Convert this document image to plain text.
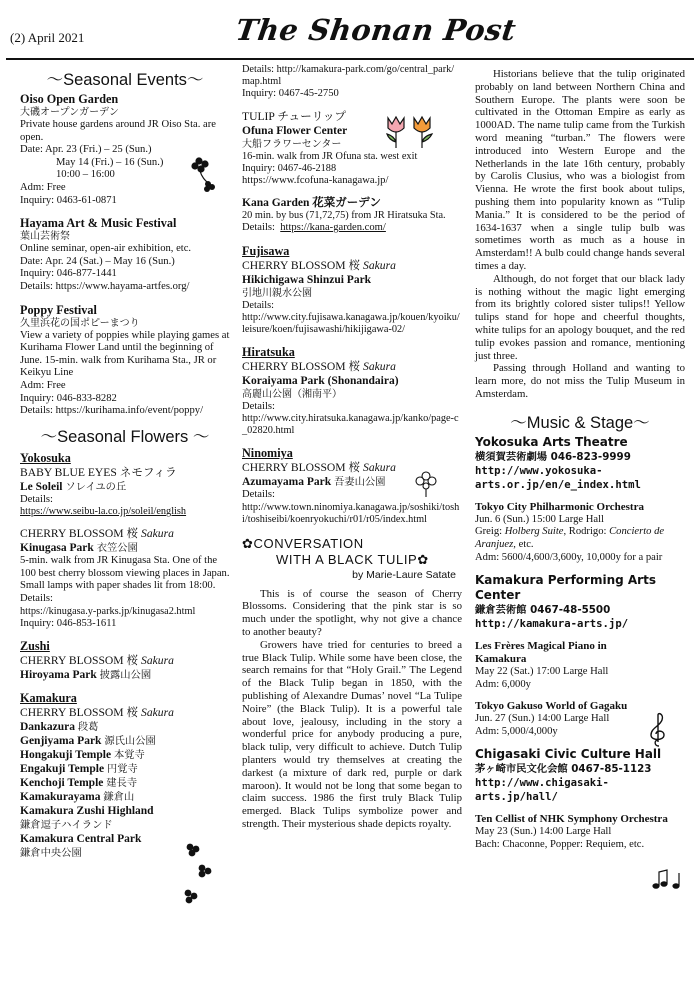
(2) April 2021	The Shonan Post
～Seasonal Events～
Oiso Open Garden
大磯オープンガーデン
Private house gardens around JR Oiso Sta. are open.
Date: Apr. 23 (Fri.) – 25 (Sun.)
May 14 (Fri.) – 16 (Sun.)
10:00 – 16:00
Adm: Free
Inquiry: 0463-61-0871
Hayama Art & Music Festival
葉山芸術祭
Online seminar, open-air exhibition, etc.
Date: Apr. 24 (Sat.) – May 16 (Sun.)
Inquiry: 046-877-1441
Details: https://www.hayama-artfes.org/
Poppy Festival
久里浜花の国ポピーまつり
View a variety of poppies while playing games at Kurihama Flower Land until the beginning of June. 15-min. walk from Kurihama Sta., JR or Keikyu Line
Adm: Free
Inquiry: 046-833-8282
Details: https://kurihama.info/event/poppy/
～Seasonal Flowers ～
Yokosuka
BABY BLUE EYES ネモフィラ
Le Soleil ソレイユの丘
Details:
https://www.seibu-la.co.jp/soleil/english
CHERRY BLOSSOM 桜 Sakura
Kinugasa Park 衣笠公園
5-min. walk from JR Kinugasa Sta. One of the 100 best cherry blossom viewing places in Japan. Small lamps with paper shades lit from 18:00.
Details:
https://kinugasa.y-parks.jp/kinugasa2.html
Inquiry: 046-853-1611
Zushi
CHERRY BLOSSOM 桜 Sakura
Hiroyama Park 披露山公園
Kamakura
CHERRY BLOSSOM 桜 Sakura
Dankazura 段葛
Genjiyama Park 源氏山公園
Hongakuji Temple 本覚寺
Engakuji Temple 円覚寺
Kenchoji Temple 建長寺
Kamakurayama 鎌倉山
Kamakura Zushi Highland
鎌倉逗子ハイランド
Kamakura Central Park
鎌倉中央公園
Details: http://kamakura-park.com/go/central_park/map.html
Inquiry: 0467-45-2750
TULIP チューリップ
Ofuna Flower Center
大船フラワーセンター
16-min. walk from JR Ofuna sta. west exit
Inquiry: 0467-46-2188
https://www.fcofuna-kanagawa.jp/
Kana Garden 花菜ガーデン
20 min. by bus (71,72,75) from JR Hiratsuka Sta.
Details: https://kana-garden.com/
Fujisawa
CHERRY BLOSSOM 桜 Sakura
Hikichigawa Shinzui Park
引地川親水公園
Details:
http://www.city.fujisawa.kanagawa.jp/kouen/kyoiku/leisure/koen/fujisawashi/hikijigawa-02/
Hiratsuka
CHERRY BLOSSOM 桜 Sakura
Koraiyama Park (Shonandaira)
高麗山公園（湘南平）
Details:
http://www.city.hiratsuka.kanagawa.jp/kanko/page-c_02820.html
Ninomiya
CHERRY BLOSSOM 桜 Sakura
Azumayama Park 吾妻山公園
Details:
http://www.town.ninomiya.kanagawa.jp/soshiki/toshi/toshiseibi/koenryokuchi/r01/r05/index.html
✿CONVERSATION
WITH A BLACK TULIP✿
by Marie-Laure Satate
This is of course the season of Cherry Blossoms. Considering that the pink star is so much under the spotlight, why not give a chance to another beauty?
Growers have tried for centuries to breed a true Black Tulip. While some have been close, the search remains for that “Holy Grail.” The Legend of the Black Tulip began in 1850, with the publishing of Alexandre Dumas’ novel “La Tulipe Noire” (the Black Tulip). It is a powerful tale about love, jealousy, including in the story a wonderful price for anybody producing a pure, black tulip, very difficult to achieve. Dutch Tulip planters would try themselves at creating the darkest (a mixture of dark red, purple or dark maroon). It would not be long that some began to claim success. 1986 the first truly Black Tulip emerged. Black Tulips symbolize power and strength. Their mysterious shade depicts royalty.
Historians believe that the tulip originated probably on land between Northern China and Southern Europe. The plants were soon be cultivated in the Ottoman Empire as early as 1000AD. The name tulip came from the Turkish word meaning “turban.” The flowers were introduced into Western Europe and the Netherlands in the late 16th century, probably by Carolis Clusius, who was a biologist from Vienna. He wrote the first book about tulips, pushing them into popularity known as “Tulip Mania.” It is considered to be the period of 1634-1637 when a single tulip bulb was sometimes worth as much as a house in Amsterdam!! A bulb could change hands several times a day.
Although, do not forget that our black lady is nothing without the magic light emerging from its brightly colored sister tulips!! Yellow tulips stand for hope and cheerful thoughts, white tulips for an apology bouquet, and the red tulip evokes passion and romance, mentioning just three.
Passing through Holland and wanting to learn more, do not miss the Tulip Museum in Amsterdam.
～Music & Stage～
Yokosuka Arts Theatre
横須賀芸術劇場 046-823-9999
http://www.yokosuka-arts.or.jp/en/e_index.html
Tokyo City Philharmonic Orchestra
Jun. 6 (Sun.) 15:00 Large Hall
Greig: Holberg Suite, Rodrigo: Concierto de Aranjuez, etc.
Adm: 5600/4,600/3,600y, 10,000y for a pair
Kamakura Performing Arts Center
鎌倉芸術館 0467-48-5500
http://kamakura-arts.jp/
Les Frères Magical Piano in Kamakura
May 22 (Sat.) 17:00 Large Hall
Adm: 6,000y
Tokyo Gakuso World of Gagaku
Jun. 27 (Sun.) 14:00 Large Hall
Adm: 5,000/4,000y
Chigasaki Civic Culture Hall
茅ヶ崎市民文化会館 0467-85-1123
http://www.chigasaki-arts.jp/hall/
Ten Cellist of NHK Symphony Orchestra
May 23 (Sun.) 14:00 Large Hall
Bach: Chaconne, Popper: Requiem, etc.
